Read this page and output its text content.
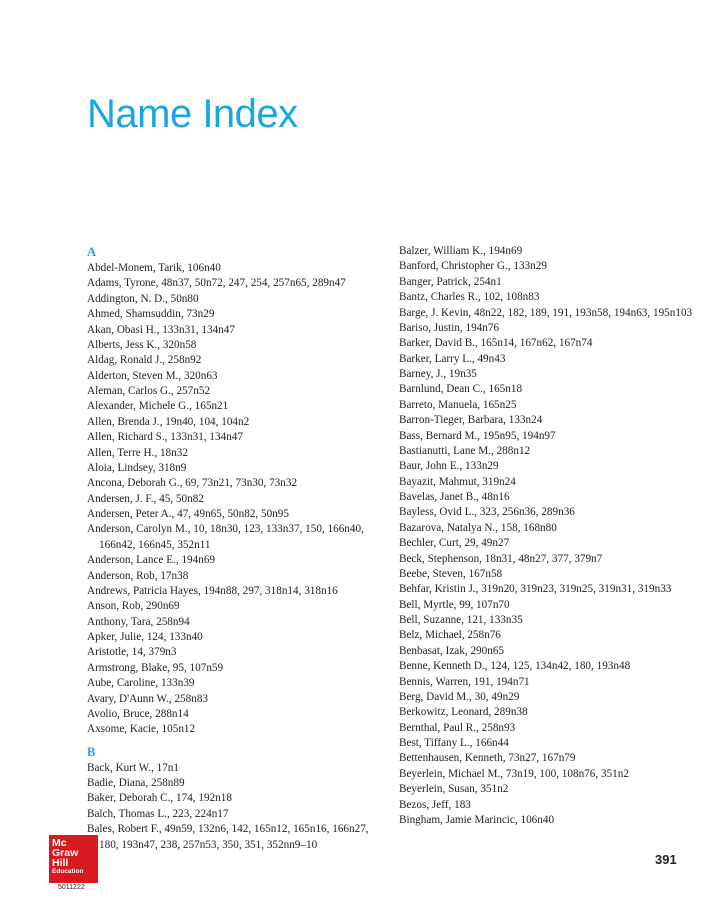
Name Index
A
Abdel-Monem, Tarik, 106n40
Adams, Tyrone, 48n37, 50n72, 247, 254, 257n65, 289n47
Addington, N. D., 50n80
Ahmed, Shamsuddin, 73n29
Akan, Obasi H., 133n31, 134n47
Alberts, Jess K., 320n58
Aldag, Ronald J., 258n92
Alderton, Steven M., 320n63
Aleman, Carlos G., 257n52
Alexander, Michele G., 165n21
Allen, Brenda J., 19n40, 104, 104n2
Allen, Richard S., 133n31, 134n47
Allen, Terre H., 18n32
Aloia, Lindsey, 318n9
Ancona, Deborah G., 69, 73n21, 73n30, 73n32
Andersen, J. F., 45, 50n82
Andersen, Peter A., 47, 49n65, 50n82, 50n95
Anderson, Carolyn M., 10, 18n30, 123, 133n37, 150, 166n40, 166n42, 166n45, 352n11
Anderson, Lance E., 194n69
Anderson, Rob, 17n38
Andrews, Patricia Hayes, 194n88, 297, 318n14, 318n16
Anson, Rob, 290n69
Anthony, Tara, 258n94
Apker, Julie, 124, 133n40
Aristotle, 14, 379n3
Armstrong, Blake, 95, 107n59
Aube, Caroline, 133n39
Avary, D'Aunn W., 258n83
Avolio, Bruce, 288n14
Axsome, Kacie, 105n12
B
Back, Kurt W., 17n1
Badie, Diana, 258n89
Baker, Deborah C., 174, 192n18
Balch, Thomas L., 223, 224n17
Bales, Robert F., 49n59, 132n6, 142, 165n12, 165n16, 166n27, 180, 193n47, 238, 257n53, 350, 351, 352nn9–10
Balzer, William K., 194n69
Banford, Christopher G., 133n29
Banger, Patrick, 254n1
Bantz, Charles R., 102, 108n83
Barge, J. Kevin, 48n22, 182, 189, 191, 193n58, 194n63, 195n103
Bariso, Justin, 194n76
Barker, David B., 165n14, 167n62, 167n74
Barker, Larry L., 49n43
Barney, J., 19n35
Barnlund, Dean C., 165n18
Barreto, Manuela, 165n25
Barron-Tieger, Barbara, 133n24
Bass, Bernard M., 195n95, 194n97
Bastianutti, Lane M., 288n12
Baur, John E., 133n29
Bayazit, Mahmut, 319n24
Bavelas, Janet B., 48n16
Bayless, Ovid L., 323, 256n36, 289n36
Bazarova, Natalya N., 158, 168n80
Bechler, Curt, 29, 49n27
Beck, Stephenson, 18n31, 48n27, 377, 379n7
Beebe, Steven, 167n58
Behfar, Kristin J., 319n20, 319n23, 319n25, 319n31, 319n33
Bell, Myrtle, 99, 107n70
Bell, Suzanne, 121, 133n35
Belz, Michael, 258n76
Benbasat, Izak, 290n65
Benne, Kenneth D., 124, 125, 134n42, 180, 193n48
Bennis, Warren, 191, 194n71
Berg, David M., 30, 49n29
Berkowitz, Leonard, 289n38
Bernthal, Paul R., 258n93
Best, Tiffany L., 166n44
Bettenhausen, Kenneth, 73n27, 167n79
Beyerlein, Michael M., 73n19, 100, 108n76, 351n2
Beyerlein, Susan, 351n2
Bezos, Jeff, 183
Bingham, Jamie Marincic, 106n40
391
Mc
Graw
Hill
Education
5011222
